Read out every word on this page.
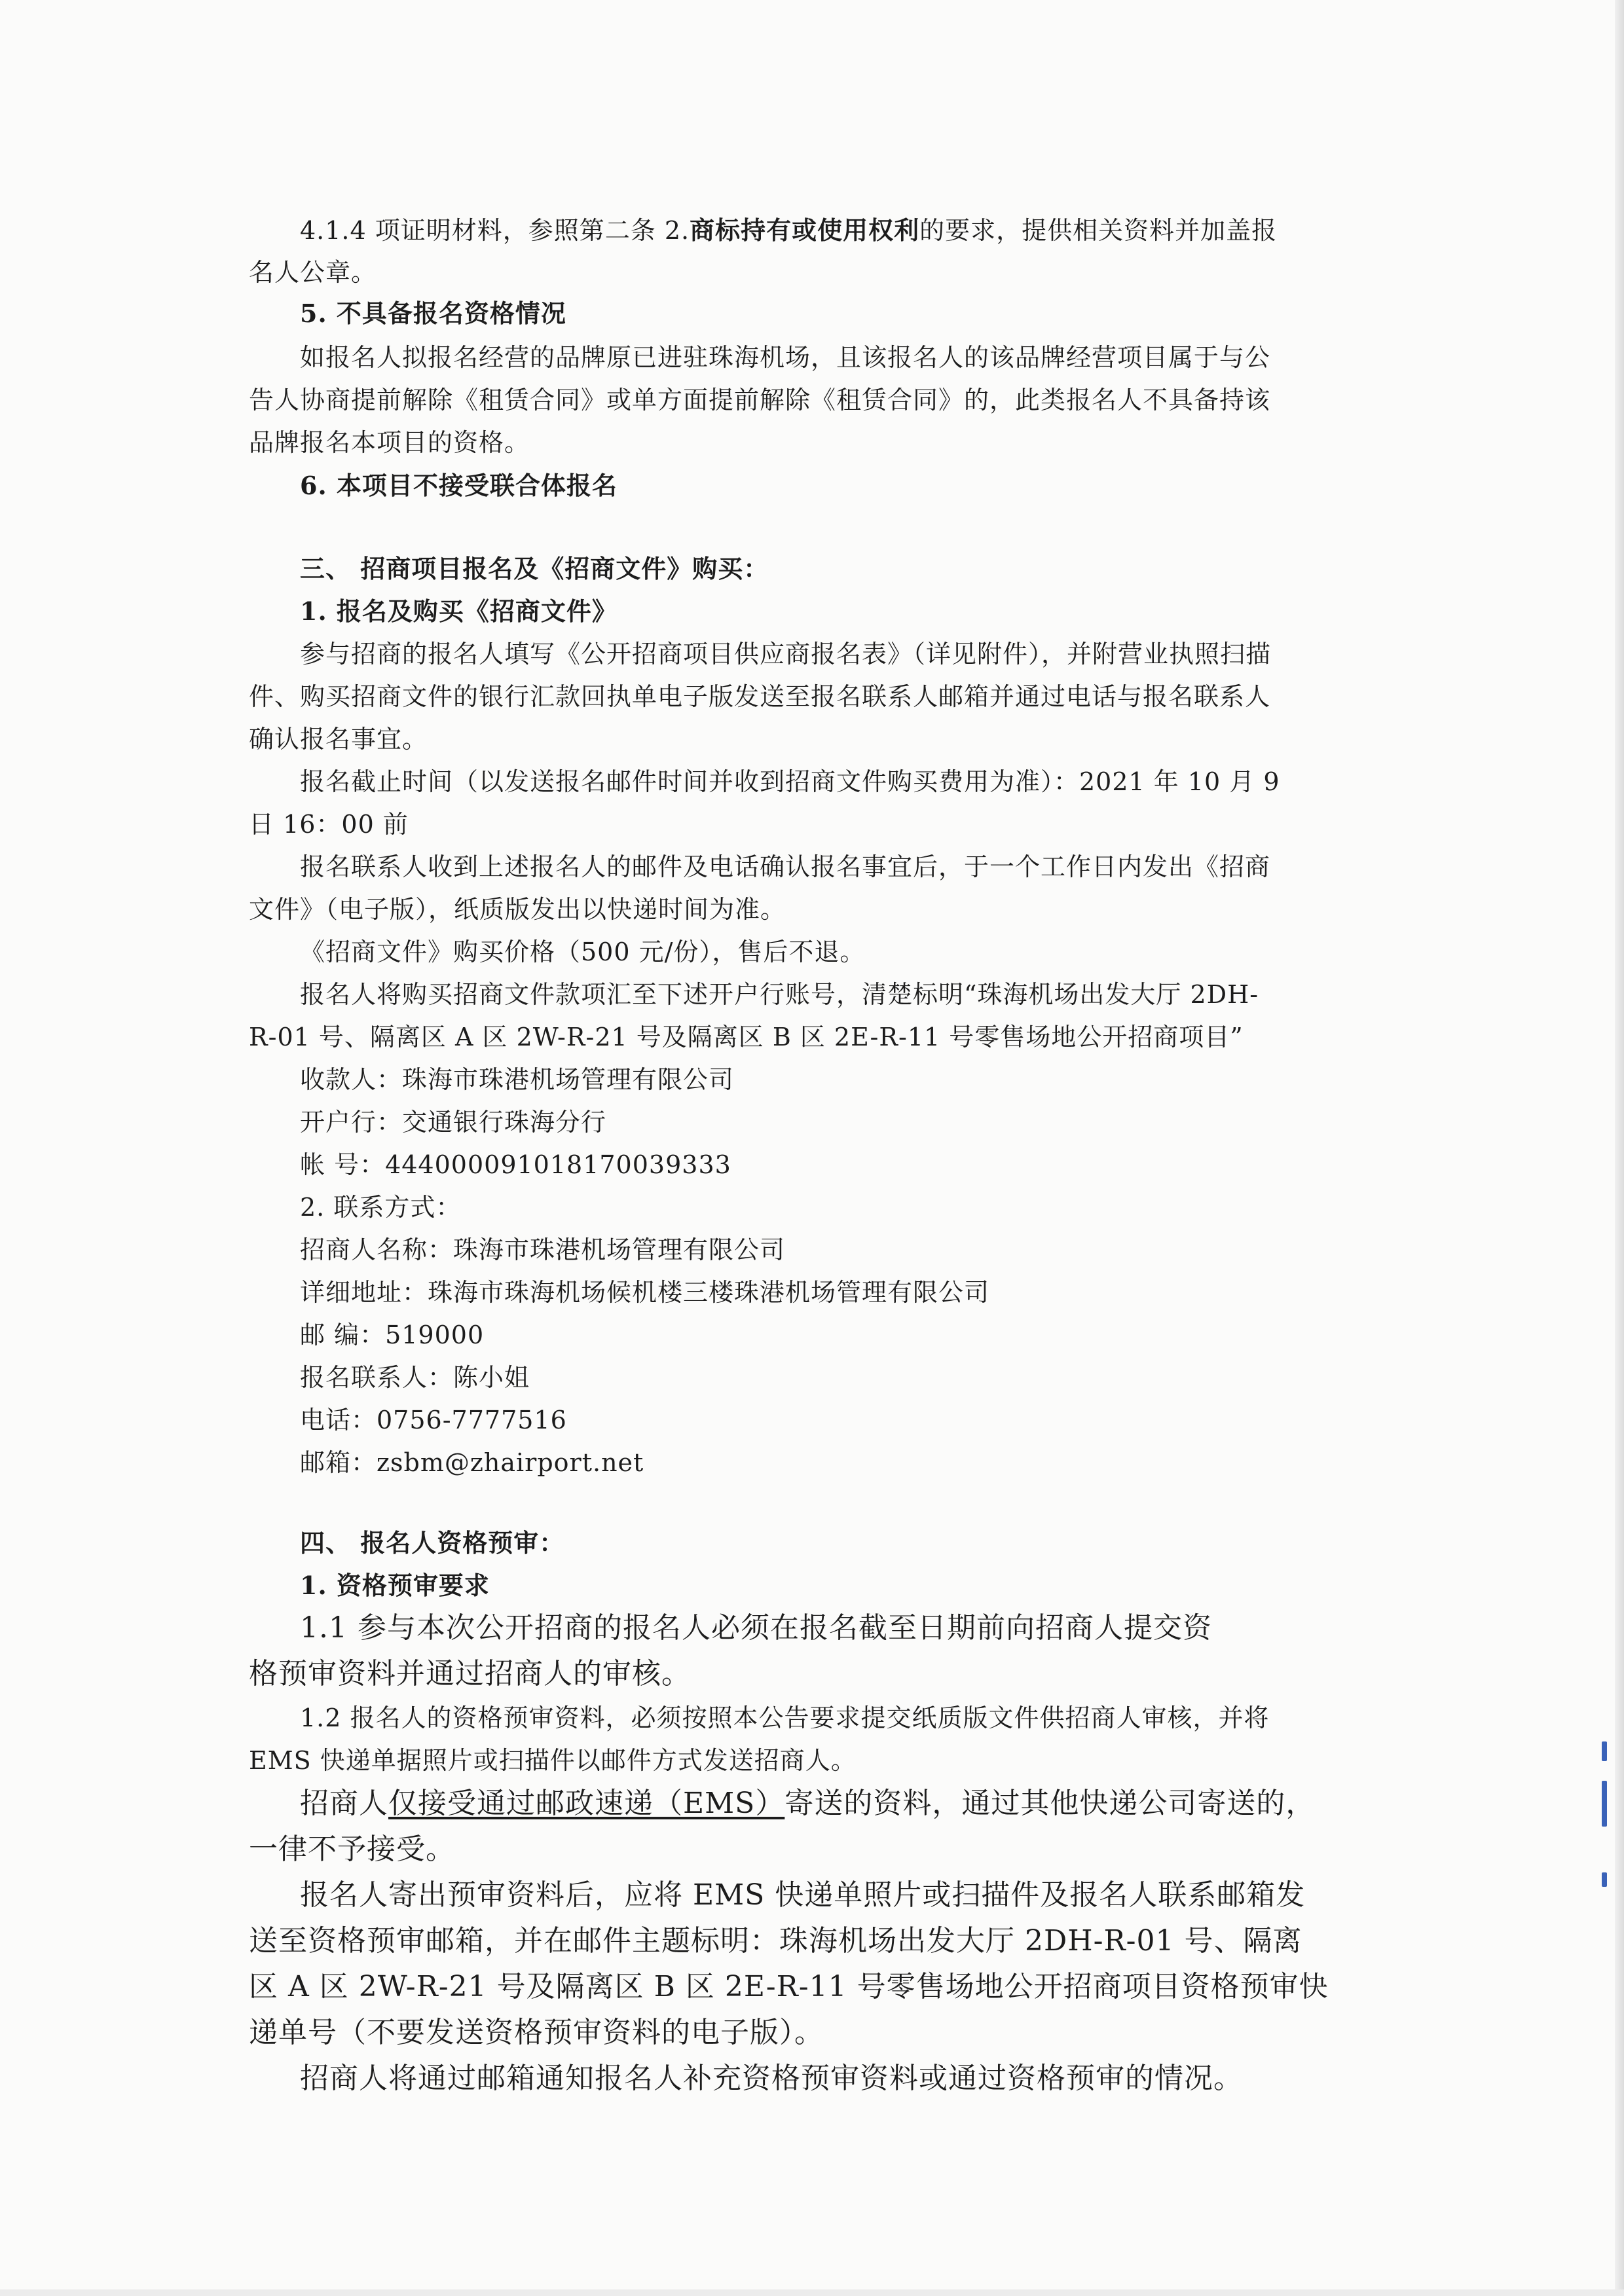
4.1.4 项证明材料，参照第二条 2.商标持有或使用权利的要求，提供相关资料并加盖报
名人公章。
5. 不具备报名资格情况
如报名人拟报名经营的品牌原已进驻珠海机场，且该报名人的该品牌经营项目属于与公
告人协商提前解除《租赁合同》或单方面提前解除《租赁合同》的，此类报名人不具备持该
品牌报名本项目的资格。
6. 本项目不接受联合体报名
三、 招商项目报名及《招商文件》购买：
1. 报名及购买《招商文件》
参与招商的报名人填写《公开招商项目供应商报名表》（详见附件），并附营业执照扫描
件、购买招商文件的银行汇款回执单电子版发送至报名联系人邮箱并通过电话与报名联系人
确认报名事宜。
报名截止时间（以发送报名邮件时间并收到招商文件购买费用为准）：2021 年 10 月 9
日 16：00 前
报名联系人收到上述报名人的邮件及电话确认报名事宜后，于一个工作日内发出《招商
文件》（电子版），纸质版发出以快递时间为准。
《招商文件》购买价格（500 元/份），售后不退。
报名人将购买招商文件款项汇至下述开户行账号，清楚标明“珠海机场出发大厅 2DH-
R-01 号、隔离区 A 区 2W-R-21 号及隔离区 B 区 2E-R-11 号零售场地公开招商项目”
收款人：珠海市珠港机场管理有限公司
开户行：交通银行珠海分行
帐 号：444000091018170039333
2. 联系方式：
招商人名称：珠海市珠港机场管理有限公司
详细地址：珠海市珠海机场候机楼三楼珠港机场管理有限公司
邮 编：519000
报名联系人：陈小姐
电话：0756-7777516
邮箱：zsbm@zhairport.net
四、 报名人资格预审：
1. 资格预审要求
1.1 参与本次公开招商的报名人必须在报名截至日期前向招商人提交资
格预审资料并通过招商人的审核。
1.2 报名人的资格预审资料，必须按照本公告要求提交纸质版文件供招商人审核，并将
EMS 快递单据照片或扫描件以邮件方式发送招商人。
招商人仅接受通过邮政速递（EMS）寄送的资料，通过其他快递公司寄送的，
一律不予接受。
报名人寄出预审资料后，应将 EMS 快递单照片或扫描件及报名人联系邮箱发
送至资格预审邮箱，并在邮件主题标明：珠海机场出发大厅 2DH-R-01 号、隔离
区 A 区 2W-R-21 号及隔离区 B 区 2E-R-11 号零售场地公开招商项目资格预审快
递单号（不要发送资格预审资料的电子版）。
招商人将通过邮箱通知报名人补充资格预审资料或通过资格预审的情况。
